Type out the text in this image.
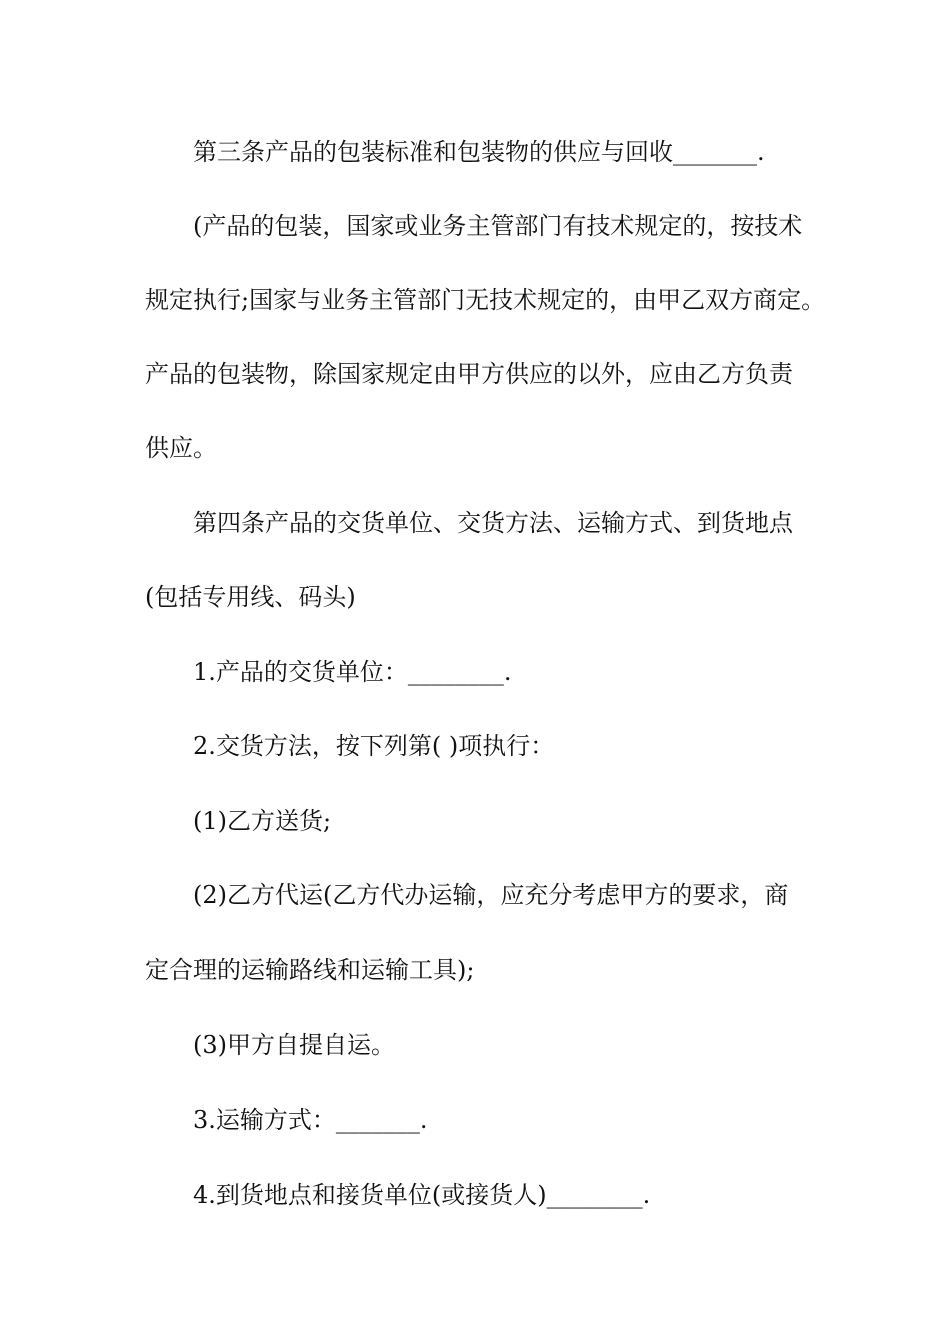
第三条产品的包装标准和包装物的供应与回收_______.
(产品的包装，国家或业务主管部门有技术规定的，按技术
规定执行;国家与业务主管部门无技术规定的，由甲乙双方商定。
产品的包装物，除国家规定由甲方供应的以外，应由乙方负责
供应。
第四条产品的交货单位、交货方法、运输方式、到货地点
(包括专用线、码头)
1.产品的交货单位：________.
2.交货方法，按下列第( )项执行：
(1)乙方送货;
(2)乙方代运(乙方代办运输，应充分考虑甲方的要求，商
定合理的运输路线和运输工具);
(3)甲方自提自运。
3.运输方式：_______.
4.到货地点和接货单位(或接货人)________.
